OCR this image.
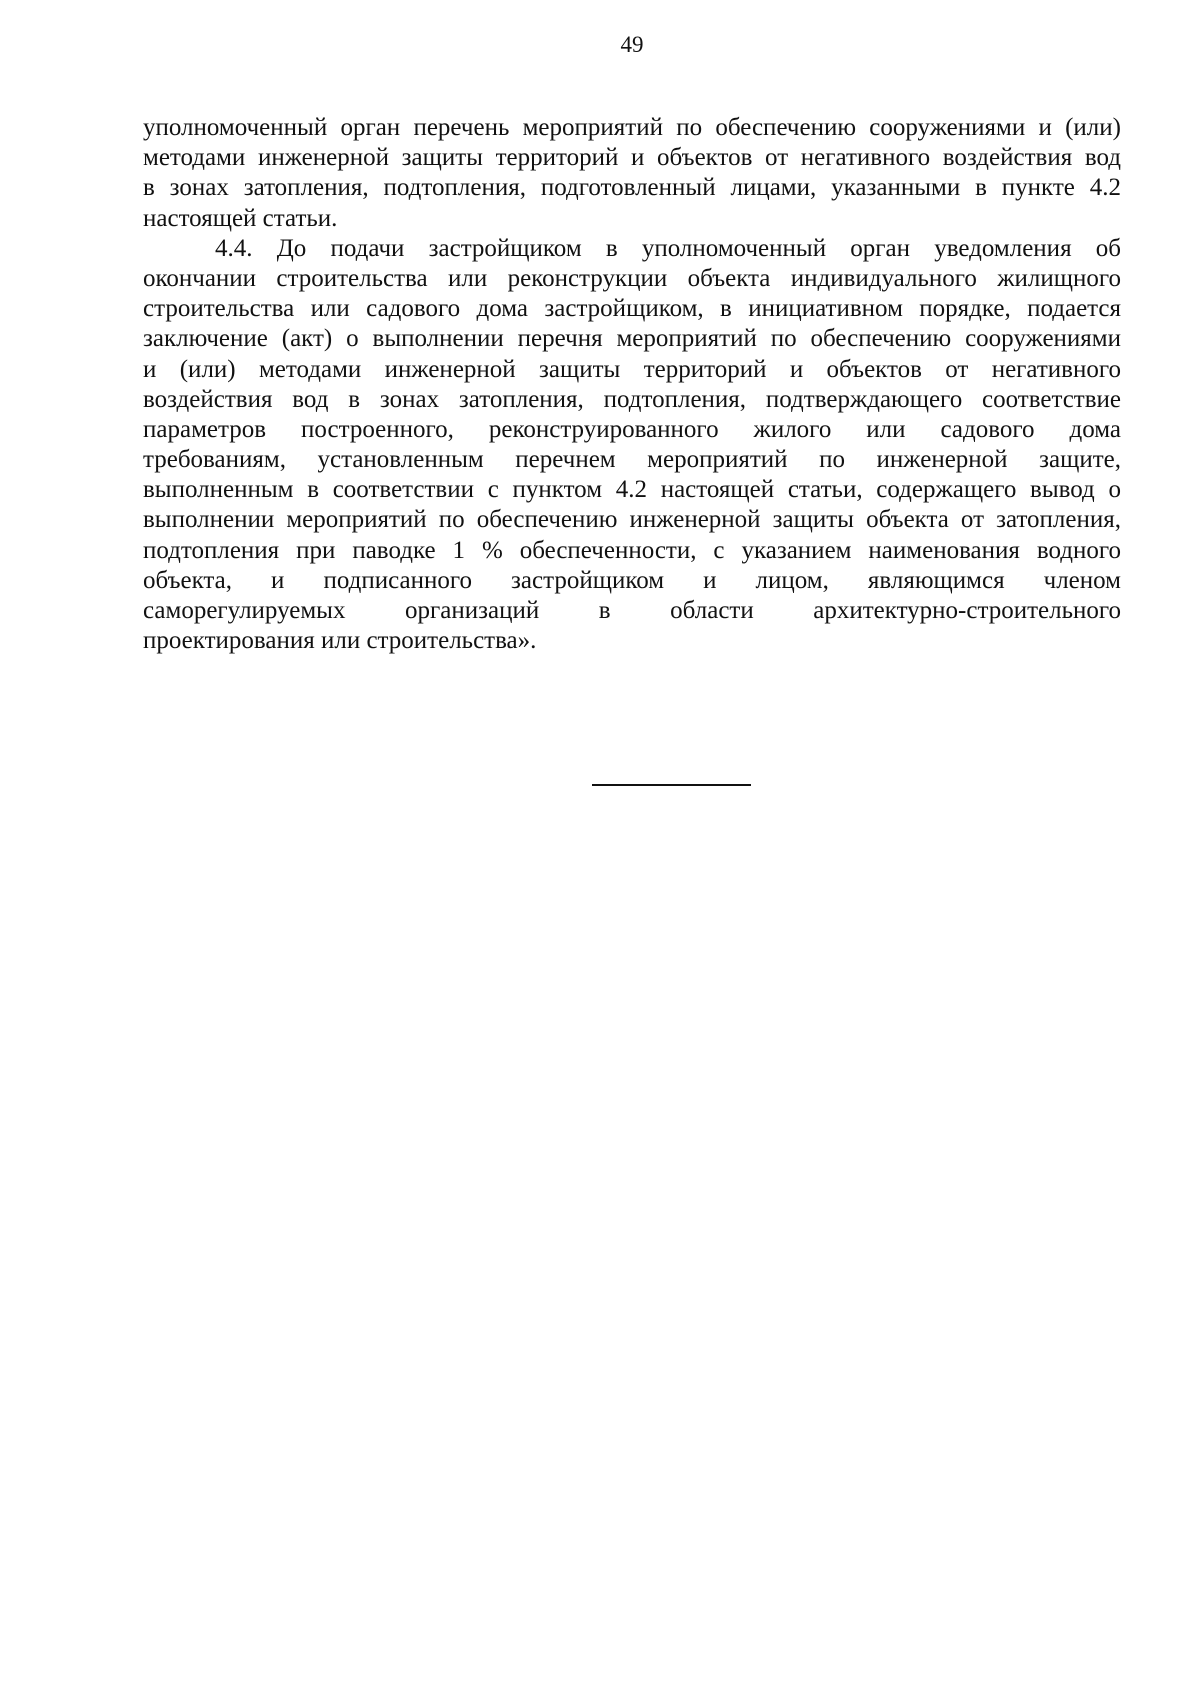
49
уполномоченный орган перечень мероприятий по обеспечению сооружениями и (или)
методами инженерной защиты территорий и объектов от негативного воздействия вод
в зонах затопления, подтопления, подготовленный лицами, указанными в пункте 4.2
настоящей статьи.
4.4. До подачи застройщиком в уполномоченный орган уведомления об
окончании строительства или реконструкции объекта индивидуального жилищного
строительства или садового дома застройщиком, в инициативном порядке, подается
заключение (акт) о выполнении перечня мероприятий по обеспечению сооружениями
и (или) методами инженерной защиты территорий и объектов от негативного
воздействия вод в зонах затопления, подтопления, подтверждающего соответствие
параметров построенного, реконструированного жилого или садового дома
требованиям, установленным перечнем мероприятий по инженерной защите,
выполненным в соответствии с пунктом 4.2 настоящей статьи, содержащего вывод о
выполнении мероприятий по обеспечению инженерной защиты объекта от затопления,
подтопления при паводке 1 % обеспеченности, с указанием наименования водного
объекта, и подписанного застройщиком и лицом, являющимся членом
саморегулируемых организаций в области архитектурно-строительного
проектирования или строительства».
